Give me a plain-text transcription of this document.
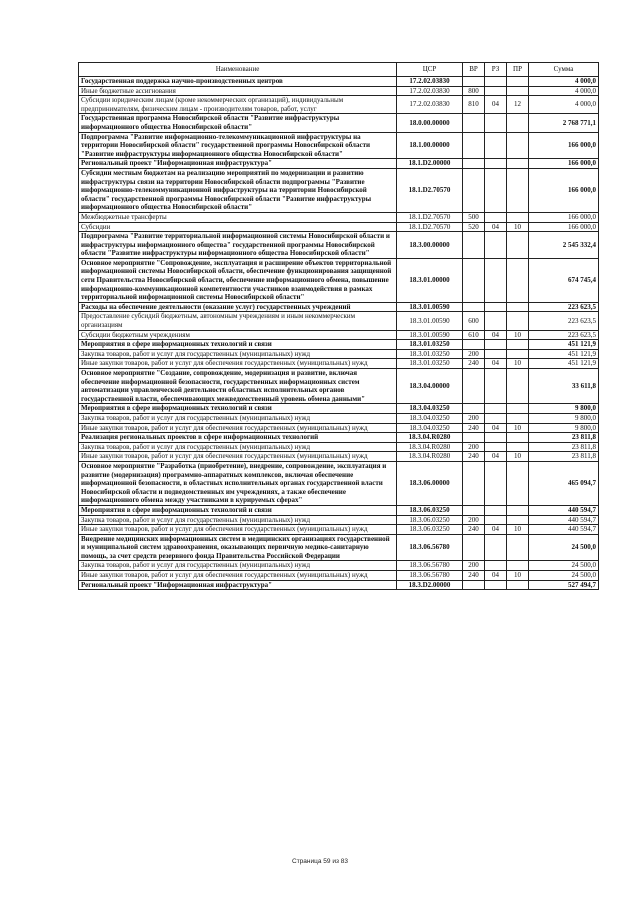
Наименование	ЦСР	ВР	РЗ	ПР	Сумма
Государственная поддержка научно-производственных центров	17.2.02.03830				4 000,0
Иные бюджетные ассигнования	17.2.02.03830	800			4 000,0
Субсидии юридическим лицам (кроме некоммерческих организаций), индивидуальным предпринимателям, физическим лицам - производителям товаров, работ, услуг	17.2.02.03830	810	04	12	4 000,0
Государственная программа Новосибирской области "Развитие инфраструктуры информационного общества Новосибирской области"	18.0.00.00000				2 768 771,1
Подпрограмма "Развитие информационно-телекоммуникационной инфраструктуры на территории Новосибирской области" государственной программы Новосибирской области "Развитие инфраструктуры информационного общества Новосибирской области"	18.1.00.00000				166 000,0
Региональный проект "Информационная инфраструктура"	18.1.D2.00000				166 000,0
Субсидии местным бюджетам на реализацию мероприятий по модернизации и развитию инфраструктуры связи на территории Новосибирской области подпрограммы "Развитие информационно-телекоммуникационной инфраструктуры на территории Новосибирской области" государственной программы Новосибирской области "Развитие инфраструктуры информационного общества Новосибирской области"	18.1.D2.70570				166 000,0
Межбюджетные трансферты	18.1.D2.70570	500			166 000,0
Субсидии	18.1.D2.70570	520	04	10	166 000,0
Подпрограмма "Развитие территориальной информационной системы Новосибирской области и инфраструктуры информационного общества" государственной программы Новосибирской области "Развитие инфраструктуры информационного общества Новосибирской области"	18.3.00.00000				2 545 332,4
Основное мероприятие "Сопровождение, эксплуатация и расширение объектов территориальной информационной системы Новосибирской области, обеспечение функционирования защищенной сети Правительства Новосибирской области, обеспечение информационного обмена, повышение информационно-коммуникационной компетентности участников взаимодействия в рамках территориальной информационной системы Новосибирской области"	18.3.01.00000				674 745,4
Расходы на обеспечение деятельности (оказание услуг) государственных учреждений	18.3.01.00590				223 623,5
Предоставление субсидий бюджетным, автономным учреждениям и иным некоммерческим организациям	18.3.01.00590	600			223 623,5
Субсидии бюджетным учреждениям	18.3.01.00590	610	04	10	223 623,5
Мероприятия в сфере информационных технологий и связи	18.3.01.03250				451 121,9
Закупка товаров, работ и услуг для государственных (муниципальных) нужд	18.3.01.03250	200			451 121,9
Иные закупки товаров, работ и услуг для обеспечения государственных (муниципальных) нужд	18.3.01.03250	240	04	10	451 121,9
Основное мероприятие "Создание, сопровождение, модернизация и развитие, включая обеспечение информационной безопасности, государственных информационных систем автоматизации управленческой деятельности областных исполнительных органов государственной власти, обеспечивающих межведомственный уровень обмена данными"	18.3.04.00000				33 611,8
Мероприятия в сфере информационных технологий и связи	18.3.04.03250				9 800,0
Закупка товаров, работ и услуг для государственных (муниципальных) нужд	18.3.04.03250	200			9 800,0
Иные закупки товаров, работ и услуг для обеспечения государственных (муниципальных) нужд	18.3.04.03250	240	04	10	9 800,0
Реализация региональных проектов в сфере информационных технологий	18.3.04.R0280				23 811,8
Закупка товаров, работ и услуг для государственных (муниципальных) нужд	18.3.04.R0280	200			23 811,8
Иные закупки товаров, работ и услуг для обеспечения государственных (муниципальных) нужд	18.3.04.R0280	240	04	10	23 811,8
Основное мероприятие "Разработка (приобретение), внедрение, сопровождение, эксплуатация и развитие (модернизация) программно-аппаратных комплексов, включая обеспечение информационной безопасности, в областных исполнительных органах государственной власти Новосибирской области и подведомственных им учреждениях, а также обеспечение информационного обмена между участниками в курируемых сферах"	18.3.06.00000				465 094,7
Мероприятия в сфере информационных технологий и связи	18.3.06.03250				440 594,7
Закупка товаров, работ и услуг для государственных (муниципальных) нужд	18.3.06.03250	200			440 594,7
Иные закупки товаров, работ и услуг для обеспечения государственных (муниципальных) нужд	18.3.06.03250	240	04	10	440 594,7
Внедрение медицинских информационных систем в медицинских организациях государственной и муниципальной систем здравоохранения, оказывающих первичную медико-санитарную помощь, за счет средств резервного фонда Правительства Российской Федерации	18.3.06.56780				24 500,0
Закупка товаров, работ и услуг для государственных (муниципальных) нужд	18.3.06.56780	200			24 500,0
Иные закупки товаров, работ и услуг для обеспечения государственных (муниципальных) нужд	18.3.06.56780	240	04	10	24 500,0
Региональный проект "Информационная инфраструктура"	18.3.D2.00000				527 494,7
Страница 59 из 83
